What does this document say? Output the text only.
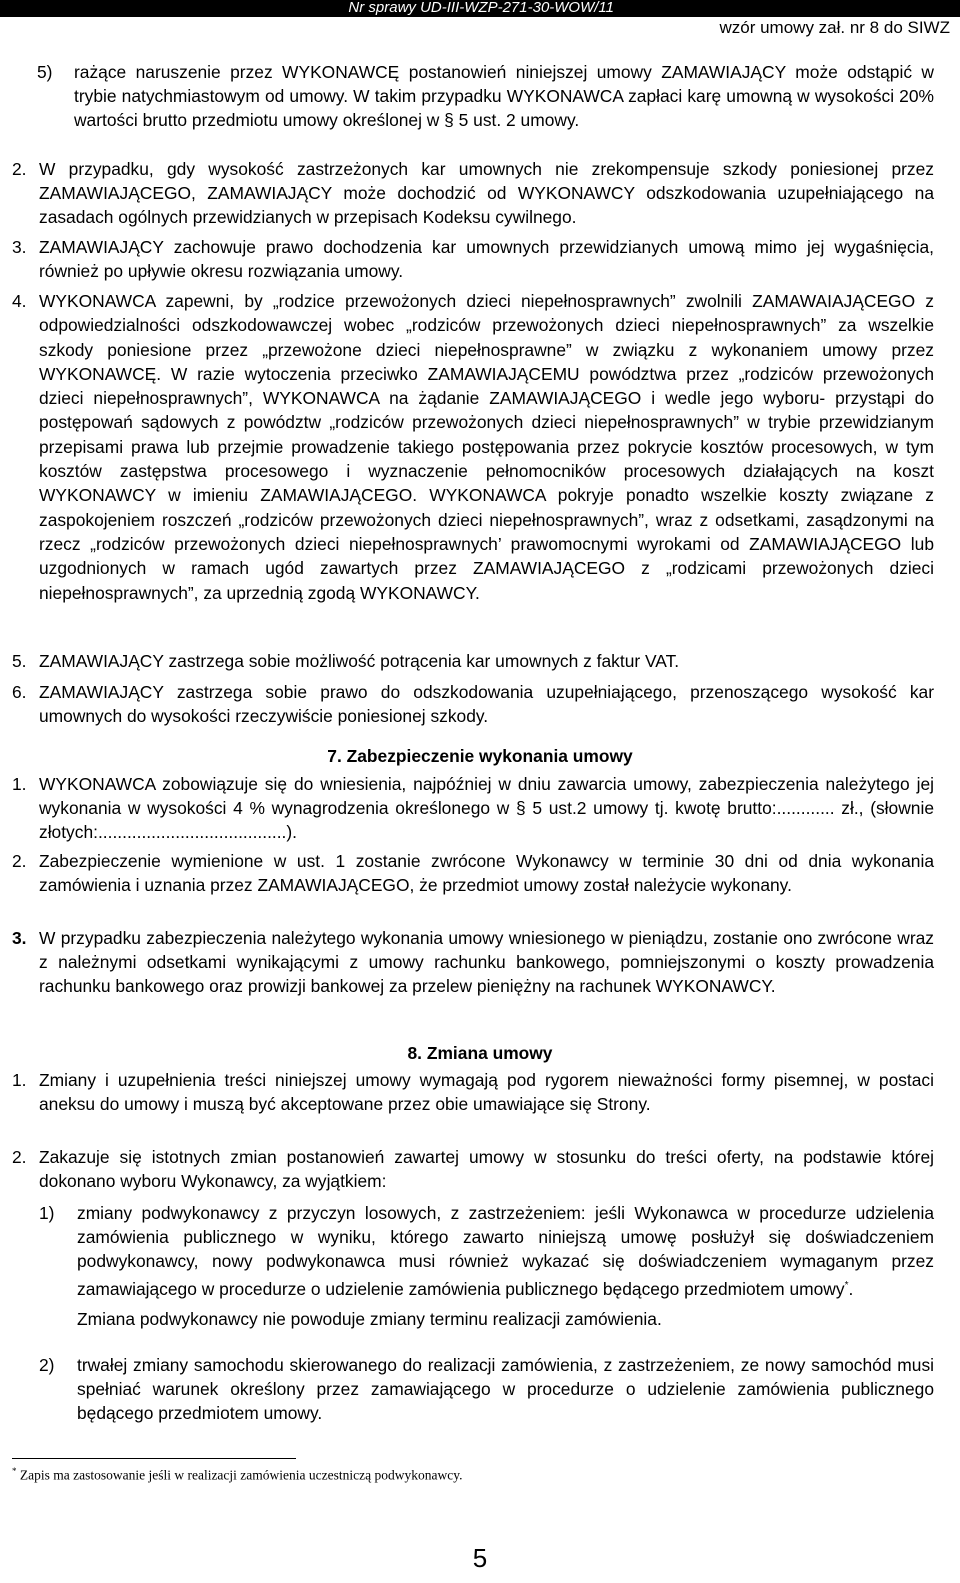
Nr sprawy UD-III-WZP-271-30-WOW/11
wzór umowy zał. nr 8 do SIWZ
5) rażące naruszenie przez WYKONAWCĘ postanowień niniejszej umowy ZAMAWIAJĄCY może odstąpić w trybie natychmiastowym od umowy. W takim przypadku WYKONAWCA zapłaci karę umowną w wysokości 20% wartości brutto przedmiotu umowy określonej w § 5 ust. 2 umowy.
2. W przypadku, gdy wysokość zastrzeżonych kar umownych nie zrekompensuje szkody poniesionej przez ZAMAWIAJĄCEGO, ZAMAWIAJĄCY może dochodzić od WYKONAWCY odszkodowania uzupełniającego na zasadach ogólnych przewidzianych w przepisach Kodeksu cywilnego.
3. ZAMAWIAJĄCY zachowuje prawo dochodzenia kar umownych przewidzianych umową mimo jej wygaśnięcia, również po upływie okresu rozwiązania umowy.
4. WYKONAWCA zapewni, by „rodzice przewożonych dzieci niepełnosprawnych” zwolnili ZAMAWAIAJĄCEGO z odpowiedzialności odszkodowawczej wobec „rodziców przewożonych dzieci niepełnosprawnych” za wszelkie szkody poniesione przez „przewożone dzieci niepełnosprawne” w związku z wykonaniem umowy przez WYKONAWCĘ. W razie wytoczenia przeciwko ZAMAWIAJĄCEMU powództwa przez „rodziców przewożonych dzieci niepełnosprawnych”, WYKONAWCA na żądanie ZAMAWIAJĄCEGO i wedle jego wyboru- przystąpi do postępowań sądowych z powództw „rodziców przewożonych dzieci niepełnosprawnych” w trybie przewidzianym przepisami prawa lub przejmie prowadzenie takiego postępowania przez pokrycie kosztów procesowych, w tym kosztów zastępstwa procesowego i wyznaczenie pełnomocników procesowych działających na koszt WYKONAWCY w imieniu ZAMAWIAJĄCEGO. WYKONAWCA pokryje ponadto wszelkie koszty związane z zaspokojeniem roszczeń „rodziców przewożonych dzieci niepełnosprawnych”, wraz z odsetkami, zasądzonymi na rzecz „rodziców przewożonych dzieci niepełnosprawnych’ prawomocnymi wyrokami od ZAMAWIAJĄCEGO lub uzgodnionych w ramach ugód zawartych przez ZAMAWIAJĄCEGO z „rodzicami przewożonych dzieci niepełnosprawnych”, za uprzednią zgodą WYKONAWCY.
5. ZAMAWIAJĄCY zastrzega sobie możliwość potrącenia kar umownych z faktur VAT.
6. ZAMAWIAJĄCY zastrzega sobie prawo do odszkodowania uzupełniającego, przenoszącego wysokość kar umownych do wysokości rzeczywiście poniesionej szkody.
7. Zabezpieczenie wykonania umowy
1. WYKONAWCA zobowiązuje się do wniesienia, najpóźniej w dniu zawarcia umowy, zabezpieczenia należytego jej wykonania w wysokości 4 % wynagrodzenia określonego w § 5 ust.2 umowy tj. kwotę brutto:............ zł., (słownie złotych:.......................................).
2. Zabezpieczenie wymienione w ust. 1 zostanie zwrócone Wykonawcy w terminie 30 dni od dnia wykonania zamówienia i uznania przez ZAMAWIAJĄCEGO, że przedmiot umowy został należycie wykonany.
3. W przypadku zabezpieczenia należytego wykonania umowy wniesionego w pieniądzu, zostanie ono zwrócone wraz z należnymi odsetkami wynikającymi z umowy rachunku bankowego, pomniejszonymi o koszty prowadzenia rachunku bankowego oraz prowizji bankowej za przelew pieniężny na rachunek WYKONAWCY.
8. Zmiana umowy
1. Zmiany i uzupełnienia treści niniejszej umowy wymagają pod rygorem nieważności formy pisemnej, w postaci aneksu do umowy i muszą być akceptowane przez obie umawiające się Strony.
2. Zakazuje się istotnych zmian postanowień zawartej umowy w stosunku do treści oferty, na podstawie której dokonano wyboru Wykonawcy, za wyjątkiem:
1) zmiany podwykonawcy z przyczyn losowych, z zastrzeżeniem: jeśli Wykonawca w procedurze udzielenia zamówienia publicznego w wyniku, którego zawarto niniejszą umowę posłużył się doświadczeniem podwykonawcy, nowy podwykonawca musi również wykazać się doświadczeniem wymaganym przez zamawiającego w procedurze o udzielenie zamówienia publicznego będącego przedmiotem umowy*.
Zmiana podwykonawcy nie powoduje zmiany terminu realizacji zamówienia.
2) trwałej zmiany samochodu skierowanego do realizacji zamówienia, z zastrzeżeniem, ze nowy samochód musi spełniać warunek określony przez zamawiającego w procedurze o udzielenie zamówienia publicznego będącego przedmiotem umowy.
* Zapis ma zastosowanie jeśli w realizacji zamówienia uczestniczą podwykonawcy.
5
